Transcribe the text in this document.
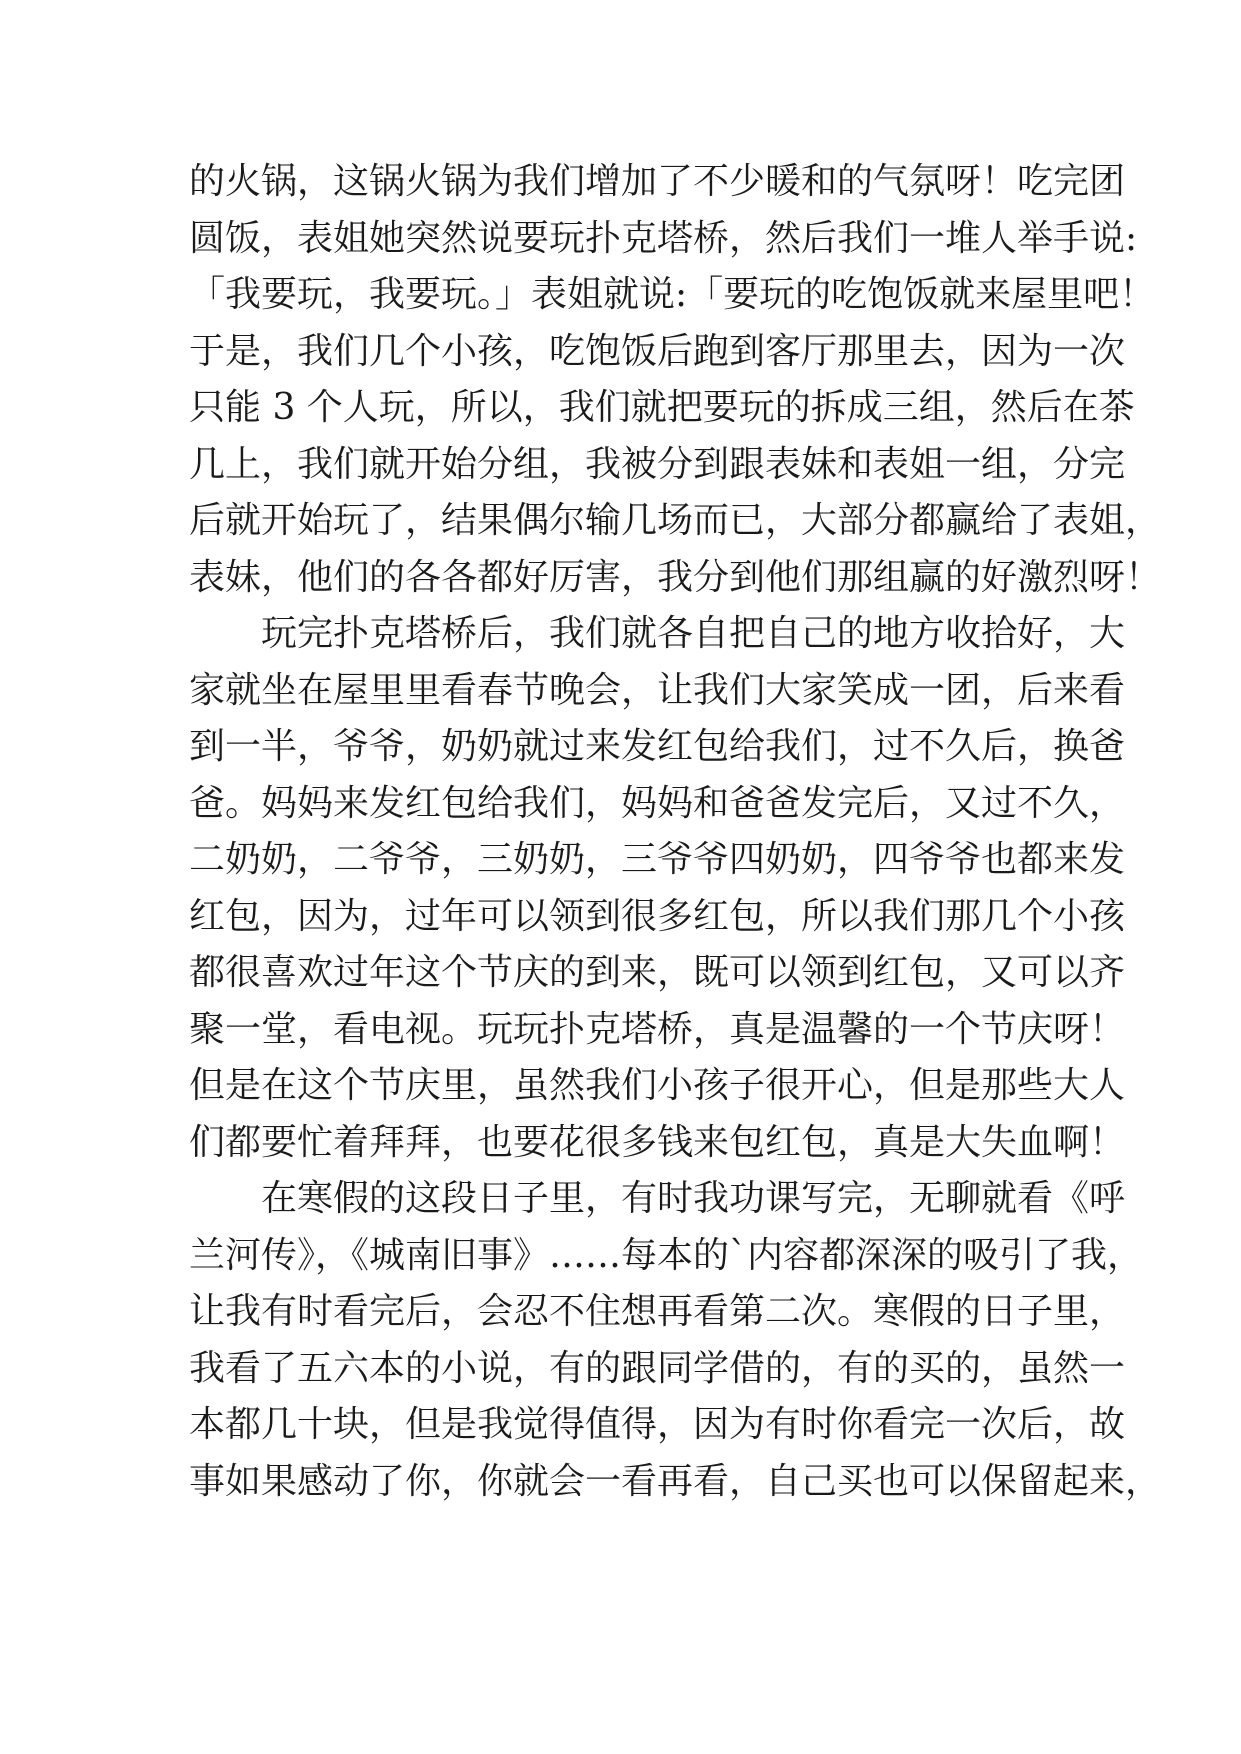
的火锅，这锅火锅为我们增加了不少暖和的气氛呀！吃完团
圆饭，表姐她突然说要玩扑克塔桥，然后我们一堆人举手说:
「我要玩，我要玩。」表姐就说:「要玩的吃饱饭就来屋里吧！
于是，我们几个小孩，吃饱饭后跑到客厅那里去，因为一次
只能 3 个人玩，所以，我们就把要玩的拆成三组，然后在茶
几上，我们就开始分组，我被分到跟表妹和表姐一组，分完
后就开始玩了，结果偶尔输几场而已，大部分都赢给了表姐，
表妹，他们的各各都好厉害，我分到他们那组赢的好激烈呀！
玩完扑克塔桥后，我们就各自把自己的地方收拾好，大
家就坐在屋里里看春节晚会，让我们大家笑成一团，后来看
到一半，爷爷，奶奶就过来发红包给我们，过不久后，换爸
爸。妈妈来发红包给我们，妈妈和爸爸发完后，又过不久，
二奶奶，二爷爷，三奶奶，三爷爷四奶奶，四爷爷也都来发
红包，因为，过年可以领到很多红包，所以我们那几个小孩
都很喜欢过年这个节庆的到来，既可以领到红包，又可以齐
聚一堂，看电视。玩玩扑克塔桥，真是温馨的一个节庆呀！
但是在这个节庆里，虽然我们小孩子很开心，但是那些大人
们都要忙着拜拜，也要花很多钱来包红包，真是大失血啊！
在寒假的这段日子里，有时我功课写完，无聊就看《呼
兰河传》，《城南旧事》……每本的`内容都深深的吸引了我，
让我有时看完后，会忍不住想再看第二次。寒假的日子里，
我看了五六本的小说，有的跟同学借的，有的买的，虽然一
本都几十块，但是我觉得值得，因为有时你看完一次后，故
事如果感动了你，你就会一看再看，自己买也可以保留起来，
